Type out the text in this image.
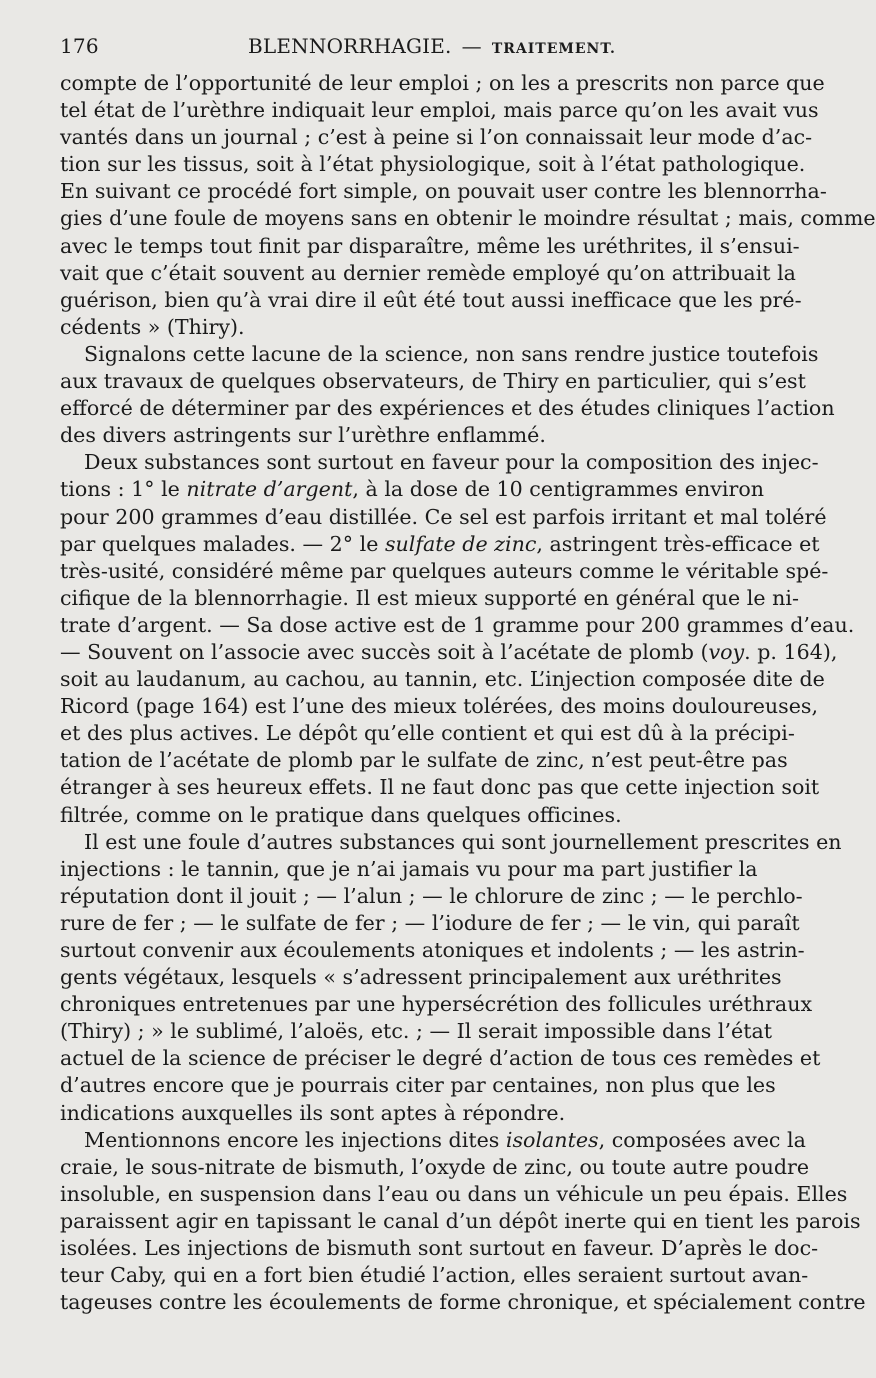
176	BLENNORRHAGIE. — TRAITEMENT.
compte de l’opportunité de leur emploi ; on les a prescrits non parce que
tel état de l’urèthre indiquait leur emploi, mais parce qu’on les avait vus
vantés dans un journal ; c’est à peine si l’on connaissait leur mode d’ac-
tion sur les tissus, soit à l’état physiologique, soit à l’état pathologique.
En suivant ce procédé fort simple, on pouvait user contre les blennorrha-
gies d’une foule de moyens sans en obtenir le moindre résultat ; mais, comme
avec le temps tout finit par disparaître, même les uréthrites, il s’ensui-
vait que c’était souvent au dernier remède employé qu’on attribuait la
guérison, bien qu’à vrai dire il eût été tout aussi inefficace que les pré-
cédents » (Thiry).
Signalons cette lacune de la science, non sans rendre justice toutefois
aux travaux de quelques observateurs, de Thiry en particulier, qui s’est
efforcé de déterminer par des expériences et des études cliniques l’action
des divers astringents sur l’urèthre enflammé.
Deux substances sont surtout en faveur pour la composition des injec-
tions : 1° le nitrate d’argent, à la dose de 10 centigrammes environ
pour 200 grammes d’eau distillée. Ce sel est parfois irritant et mal toléré
par quelques malades. — 2° le sulfate de zinc, astringent très-efficace et
très-usité, considéré même par quelques auteurs comme le véritable spé-
cifique de la blennorrhagie. Il est mieux supporté en général que le ni-
trate d’argent. — Sa dose active est de 1 gramme pour 200 grammes d’eau.
— Souvent on l’associe avec succès soit à l’acétate de plomb (voy. p. 164),
soit au laudanum, au cachou, au tannin, etc. L’injection composée dite de
Ricord (page 164) est l’une des mieux tolérées, des moins douloureuses,
et des plus actives. Le dépôt qu’elle contient et qui est dû à la précipi-
tation de l’acétate de plomb par le sulfate de zinc, n’est peut-être pas
étranger à ses heureux effets. Il ne faut donc pas que cette injection soit
filtrée, comme on le pratique dans quelques officines.
Il est une foule d’autres substances qui sont journellement prescrites en
injections : le tannin, que je n’ai jamais vu pour ma part justifier la
réputation dont il jouit ; — l’alun ; — le chlorure de zinc ; — le perchlo-
rure de fer ; — le sulfate de fer ; — l’iodure de fer ; — le vin, qui paraît
surtout convenir aux écoulements atoniques et indolents ; — les astrin-
gents végétaux, lesquels « s’adressent principalement aux uréthrites
chroniques entretenues par une hypersécrétion des follicules uréthraux
(Thiry) ; » le sublimé, l’aloës, etc. ; — Il serait impossible dans l’état
actuel de la science de préciser le degré d’action de tous ces remèdes et
d’autres encore que je pourrais citer par centaines, non plus que les
indications auxquelles ils sont aptes à répondre.
Mentionnons encore les injections dites isolantes, composées avec la
craie, le sous-nitrate de bismuth, l’oxyde de zinc, ou toute autre poudre
insoluble, en suspension dans l’eau ou dans un véhicule un peu épais. Elles
paraissent agir en tapissant le canal d’un dépôt inerte qui en tient les parois
isolées. Les injections de bismuth sont surtout en faveur. D’après le doc-
teur Caby, qui en a fort bien étudié l’action, elles seraient surtout avan-
tageuses contre les écoulements de forme chronique, et spécialement contre
